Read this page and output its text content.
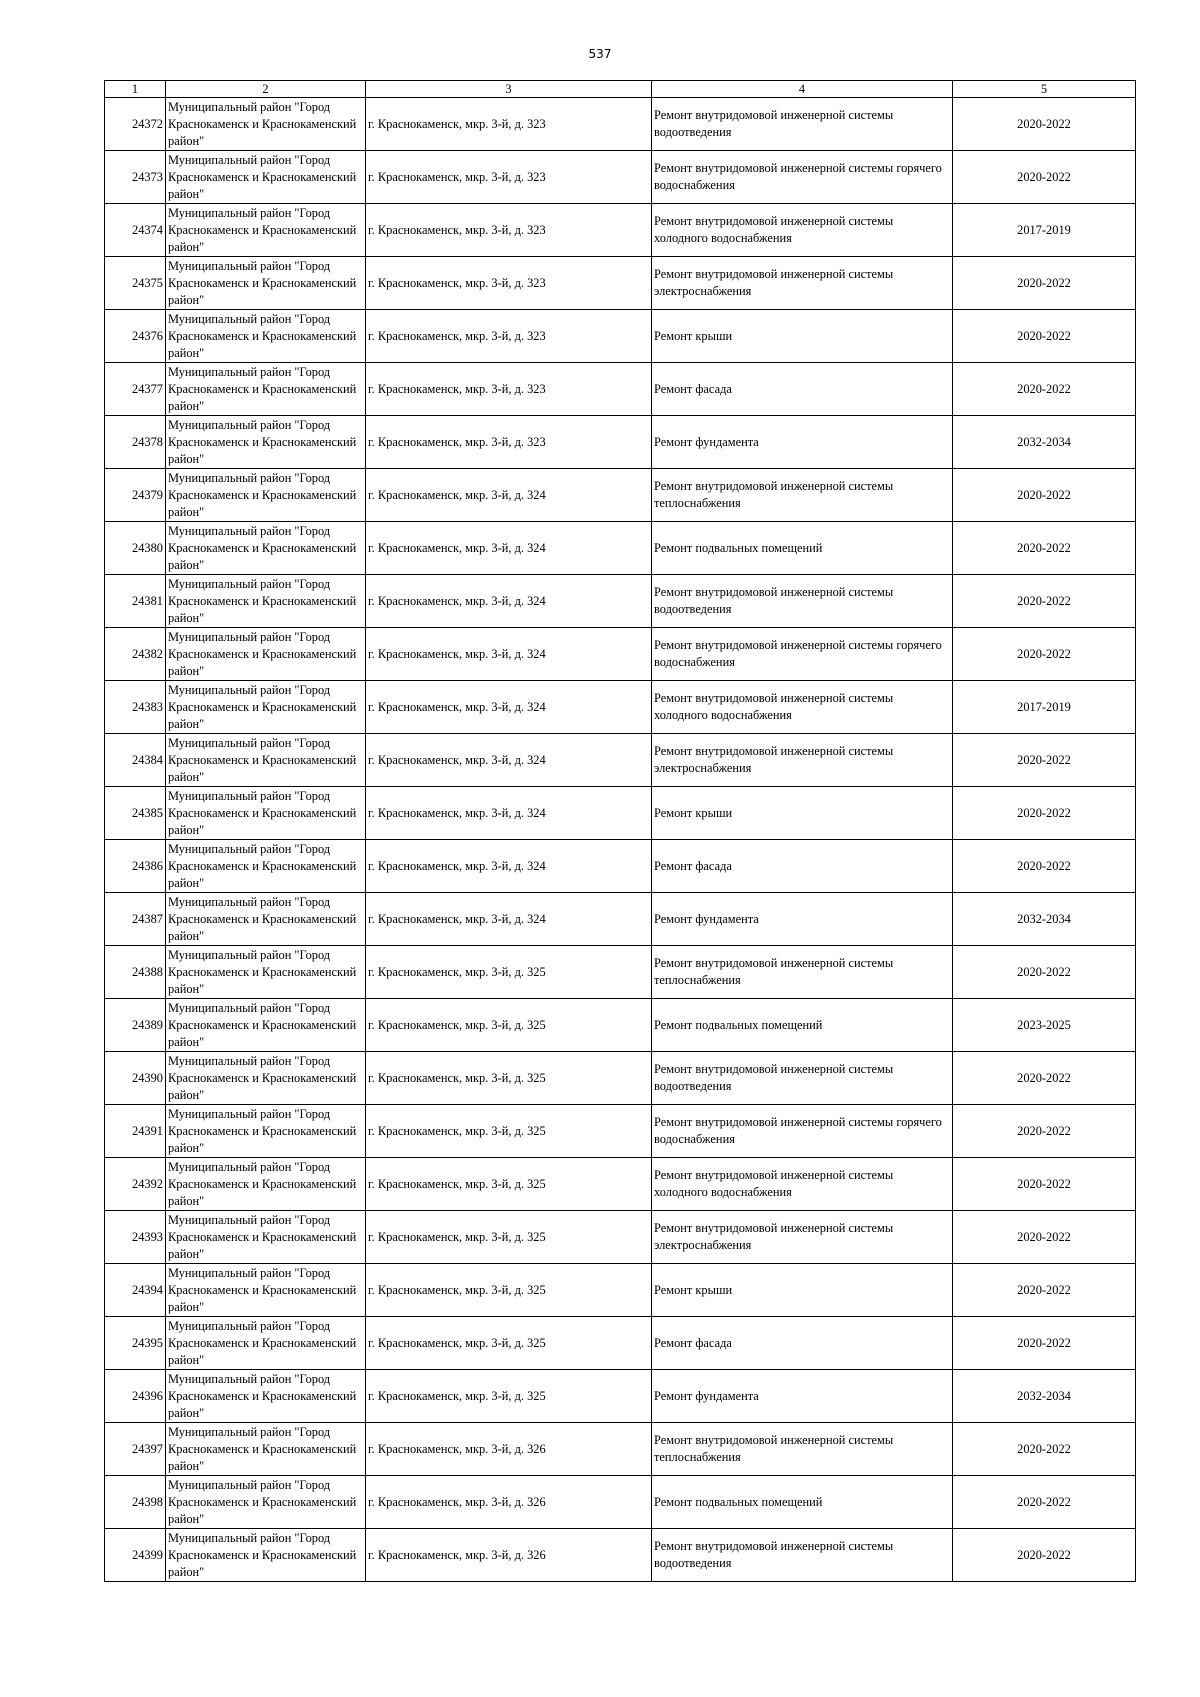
537
1	2	3	4	5
24372	Муниципальный район "Город Краснокаменск и Краснокаменский район"	г. Краснокаменск, мкр. 3-й, д. 323	Ремонт внутридомовой инженерной системы водоотведения	2020-2022
24373	Муниципальный район "Город Краснокаменск и Краснокаменский район"	г. Краснокаменск, мкр. 3-й, д. 323	Ремонт внутридомовой инженерной системы горячего водоснабжения	2020-2022
24374	Муниципальный район "Город Краснокаменск и Краснокаменский район"	г. Краснокаменск, мкр. 3-й, д. 323	Ремонт внутридомовой инженерной системы холодного водоснабжения	2017-2019
24375	Муниципальный район "Город Краснокаменск и Краснокаменский район"	г. Краснокаменск, мкр. 3-й, д. 323	Ремонт внутридомовой инженерной системы электроснабжения	2020-2022
24376	Муниципальный район "Город Краснокаменск и Краснокаменский район"	г. Краснокаменск, мкр. 3-й, д. 323	Ремонт крыши	2020-2022
24377	Муниципальный район "Город Краснокаменск и Краснокаменский район"	г. Краснокаменск, мкр. 3-й, д. 323	Ремонт фасада	2020-2022
24378	Муниципальный район "Город Краснокаменск и Краснокаменский район"	г. Краснокаменск, мкр. 3-й, д. 323	Ремонт фундамента	2032-2034
24379	Муниципальный район "Город Краснокаменск и Краснокаменский район"	г. Краснокаменск, мкр. 3-й, д. 324	Ремонт внутридомовой инженерной системы теплоснабжения	2020-2022
24380	Муниципальный район "Город Краснокаменск и Краснокаменский район"	г. Краснокаменск, мкр. 3-й, д. 324	Ремонт подвальных помещений	2020-2022
24381	Муниципальный район "Город Краснокаменск и Краснокаменский район"	г. Краснокаменск, мкр. 3-й, д. 324	Ремонт внутридомовой инженерной системы водоотведения	2020-2022
24382	Муниципальный район "Город Краснокаменск и Краснокаменский район"	г. Краснокаменск, мкр. 3-й, д. 324	Ремонт внутридомовой инженерной системы горячего водоснабжения	2020-2022
24383	Муниципальный район "Город Краснокаменск и Краснокаменский район"	г. Краснокаменск, мкр. 3-й, д. 324	Ремонт внутридомовой инженерной системы холодного водоснабжения	2017-2019
24384	Муниципальный район "Город Краснокаменск и Краснокаменский район"	г. Краснокаменск, мкр. 3-й, д. 324	Ремонт внутридомовой инженерной системы электроснабжения	2020-2022
24385	Муниципальный район "Город Краснокаменск и Краснокаменский район"	г. Краснокаменск, мкр. 3-й, д. 324	Ремонт крыши	2020-2022
24386	Муниципальный район "Город Краснокаменск и Краснокаменский район"	г. Краснокаменск, мкр. 3-й, д. 324	Ремонт фасада	2020-2022
24387	Муниципальный район "Город Краснокаменск и Краснокаменский район"	г. Краснокаменск, мкр. 3-й, д. 324	Ремонт фундамента	2032-2034
24388	Муниципальный район "Город Краснокаменск и Краснокаменский район"	г. Краснокаменск, мкр. 3-й, д. 325	Ремонт внутридомовой инженерной системы теплоснабжения	2020-2022
24389	Муниципальный район "Город Краснокаменск и Краснокаменский район"	г. Краснокаменск, мкр. 3-й, д. 325	Ремонт подвальных помещений	2023-2025
24390	Муниципальный район "Город Краснокаменск и Краснокаменский район"	г. Краснокаменск, мкр. 3-й, д. 325	Ремонт внутридомовой инженерной системы водоотведения	2020-2022
24391	Муниципальный район "Город Краснокаменск и Краснокаменский район"	г. Краснокаменск, мкр. 3-й, д. 325	Ремонт внутридомовой инженерной системы горячего водоснабжения	2020-2022
24392	Муниципальный район "Город Краснокаменск и Краснокаменский район"	г. Краснокаменск, мкр. 3-й, д. 325	Ремонт внутридомовой инженерной системы холодного водоснабжения	2020-2022
24393	Муниципальный район "Город Краснокаменск и Краснокаменский район"	г. Краснокаменск, мкр. 3-й, д. 325	Ремонт внутридомовой инженерной системы электроснабжения	2020-2022
24394	Муниципальный район "Город Краснокаменск и Краснокаменский район"	г. Краснокаменск, мкр. 3-й, д. 325	Ремонт крыши	2020-2022
24395	Муниципальный район "Город Краснокаменск и Краснокаменский район"	г. Краснокаменск, мкр. 3-й, д. 325	Ремонт фасада	2020-2022
24396	Муниципальный район "Город Краснокаменск и Краснокаменский район"	г. Краснокаменск, мкр. 3-й, д. 325	Ремонт фундамента	2032-2034
24397	Муниципальный район "Город Краснокаменск и Краснокаменский район"	г. Краснокаменск, мкр. 3-й, д. 326	Ремонт внутридомовой инженерной системы теплоснабжения	2020-2022
24398	Муниципальный район "Город Краснокаменск и Краснокаменский район"	г. Краснокаменск, мкр. 3-й, д. 326	Ремонт подвальных помещений	2020-2022
24399	Муниципальный район "Город Краснокаменск и Краснокаменский район"	г. Краснокаменск, мкр. 3-й, д. 326	Ремонт внутридомовой инженерной системы водоотведения	2020-2022
